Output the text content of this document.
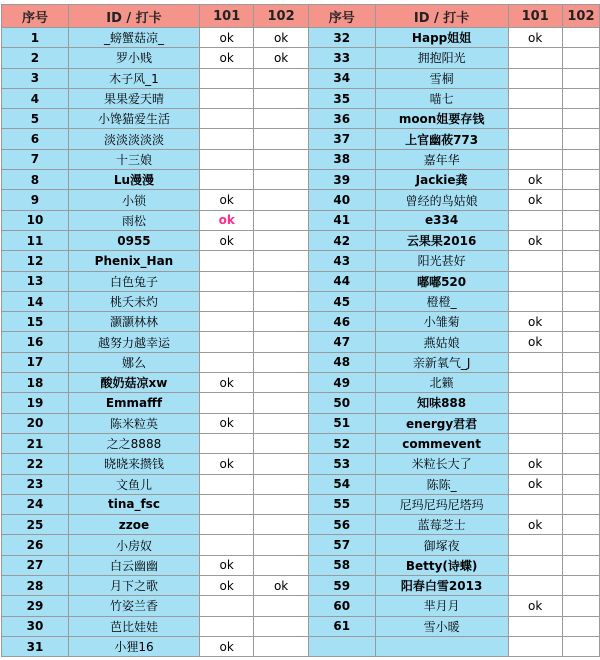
序号	ID / 打卡	101	102	序号	ID / 打卡	101	102
1	_螃蟹菇凉_	ok	ok	32	Happ姐姐	ok	
2	罗小贱	ok	ok	33	拥抱阳光		
3	木子风_1			34	雪桐		
4	果果爱天晴			35	喵七		
5	小馋猫爱生活			36	moon姐要存钱		
6	淡淡淡淡淡			37	上官幽莜773		
7	十三娘			38	嘉年华		
8	Lu漫漫			39	Jackie龚	ok	
9	小锁	ok		40	曾经的鸟姑娘	ok	
10	雨松	ok		41	e334		
11	0955	ok		42	云果果2016	ok	
12	Phenix_Han			43	阳光甚好		
13	白色兔子			44	嘟嘟520		
14	桃夭未灼			45	橙橙_		
15	灏灏林林			46	小雏菊	ok	
16	越努力越幸运			47	燕姑娘	ok	
17	娜么			48	亲新氧气_J		
18	酸奶菇凉xw	ok		49	北籁		
19	Emmafff			50	知味888		
20	陈米粒英	ok		51	energy君君		
21	之之8888			52	commevent		
22	晓晓来攒钱	ok		53	米粒长大了	ok	
23	文鱼儿			54	陈陈_	ok	
24	tina_fsc			55	尼玛尼玛尼塔玛		
25	zzoe			56	蓝莓芝士	ok	
26	小房奴			57	御塚夜		
27	白云幽幽	ok		58	Betty(诗蝶)		
28	月下之歌	ok	ok	59	阳春白雪2013		
29	竹姿兰香			60	芈月月	ok	
30	芭比娃娃			61	雪小暖		
31	小狸16	ok					
